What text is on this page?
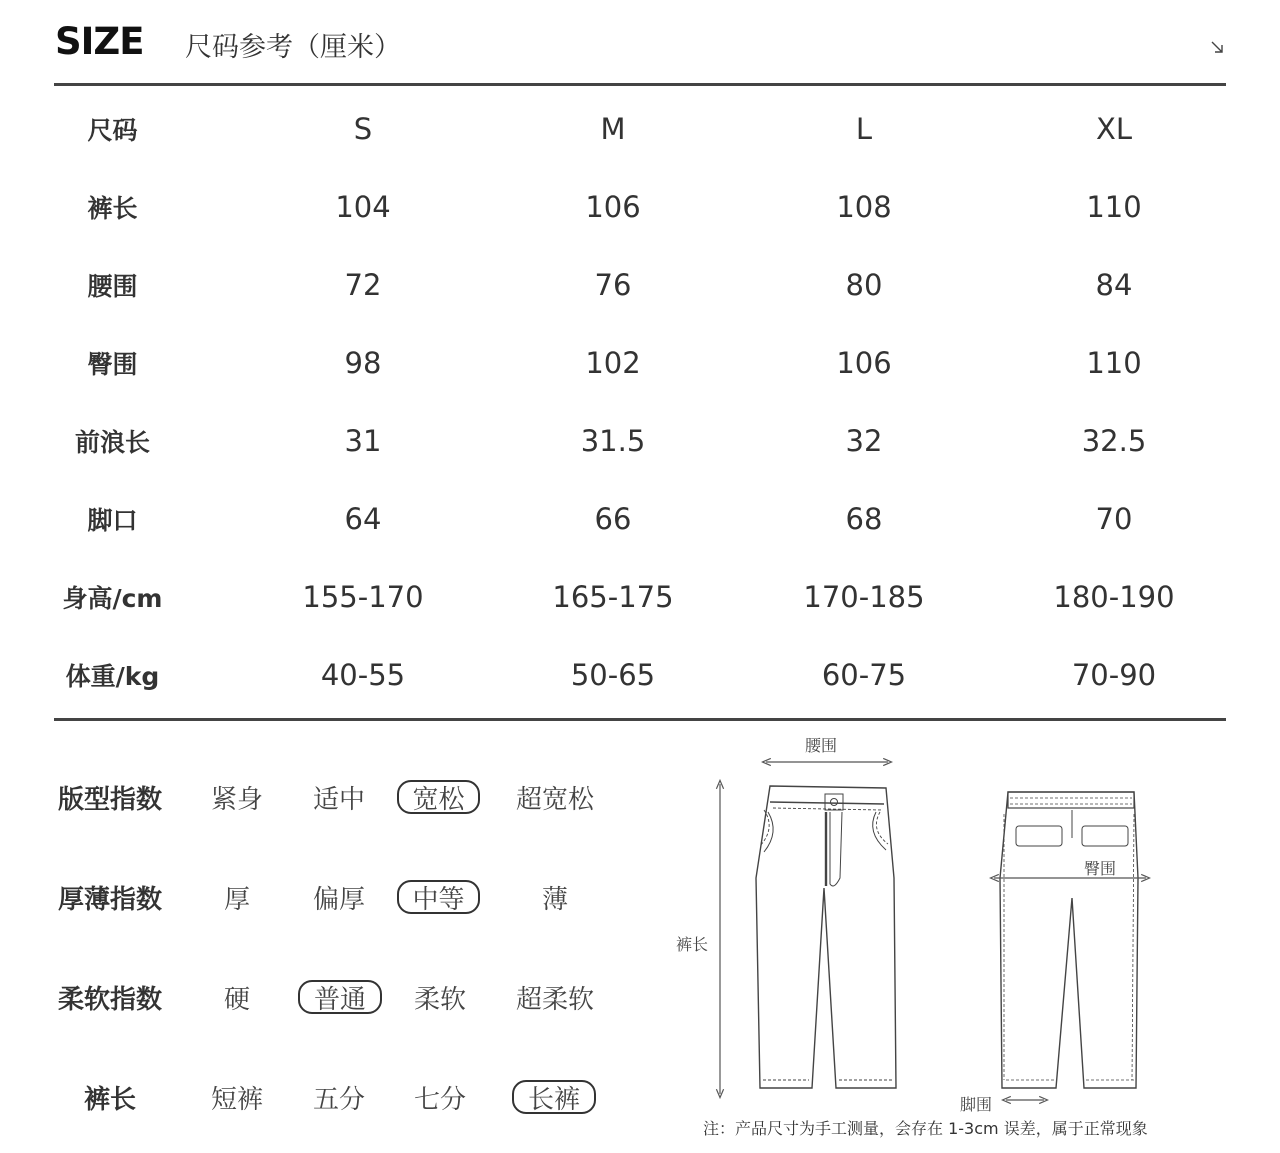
SIZE 尺码参考（厘米）
尺码	S	M	L	XL
裤长	104	106	108	110
腰围	72	76	80	84
臀围	98	102	106	110
前浪长	31	31.5	32	32.5
脚口	64	66	68	70
身高/cm	155-170	165-175	170-185	180-190
体重/kg	40-55	50-65	60-75	70-90
版型指数	紧身	适中	宽松	超宽松
厚薄指数	厚	偏厚	中等	薄
柔软指数	硬	普通	柔软	超柔软
裤长	短裤	五分	七分	长裤
腰围
臀围
裤长
脚围
注：产品尺寸为手工测量，会存在 1-3cm 误差，属于正常现象
